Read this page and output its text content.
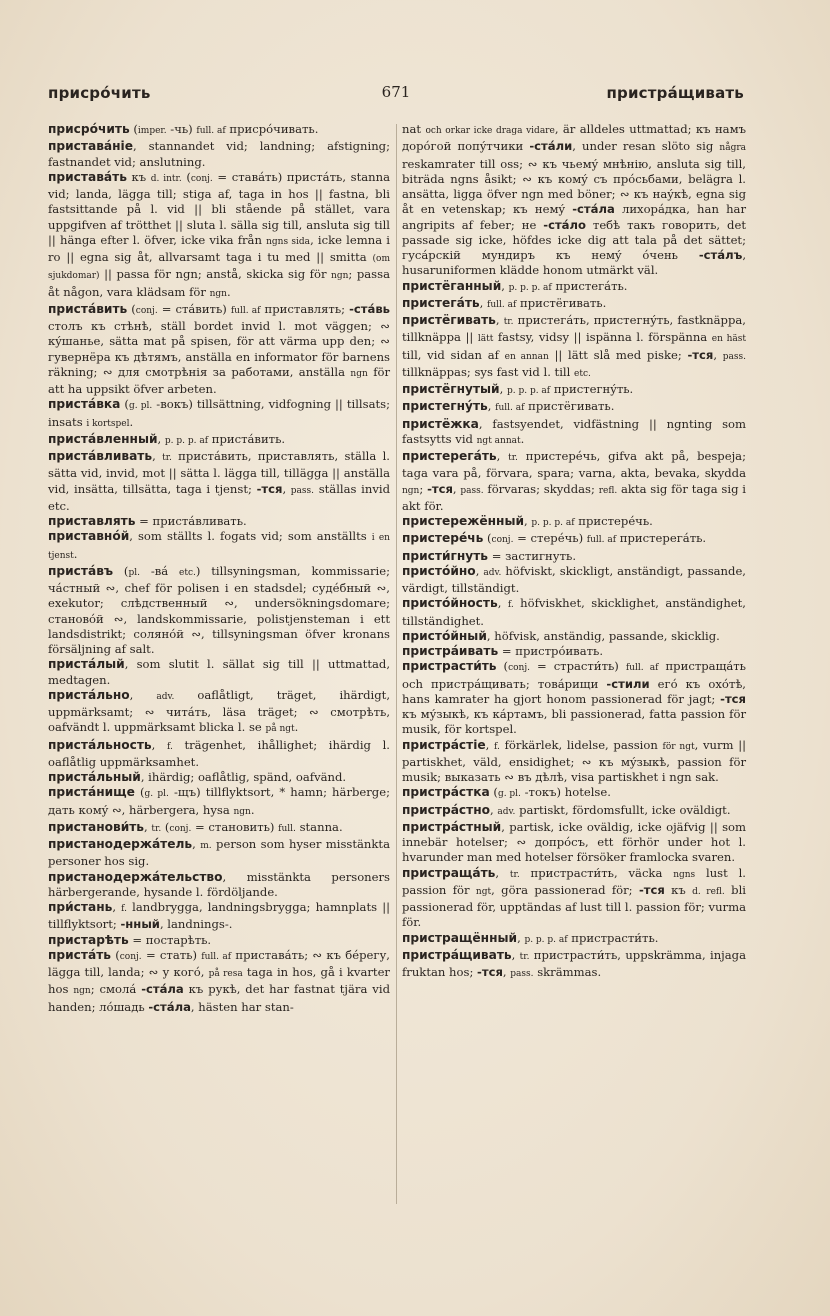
присрóчить	671	пристрáщивать

присрóчить (imper. -чь) full. af присрóчивать.

приставáніе, stannandet vid; landning; afstigning; fastnandet vid; anslutning.

приставáть къ d. intr. (conj. = ставáть) пристáть, stanna vid; landa, lägga till; stiga af, taga in hos || fastna, bli fastsittande på l. vid || bli stående på stället, vara uppgifven af trötthet || sluta l. sälla sig till, ansluta sig till || hänga efter l. öfver, icke vika från ngns sida, icke lemna i ro || egna sig åt, allvarsamt taga i tu med || smitta (om sjukdomar) || passa för ngn; anstå, skicka sig för ngn; passa åt någon, vara klädsam för ngn.

пристáвить (conj. = стáвить) full. af приставлять; -стáвь столъ къ стѣнѣ, ställ bordet invid l. mot väggen; ∾ кýшанье, sätta mat på spisen, för att värma upp den; ∾ гувернёра къ дѣтямъ, anställa en informator för barnens räkning; ∾ для смотрѣнія за работами, anställa ngn för att ha uppsikt öfver arbeten.

пристáвка (g. pl. -вокъ) tillsättning, vidfogning || tillsats; insats i kortspel.

пристáвленный, p. p. p. af пристáвить.

пристáвливать, tr. пристáвить, приставлять, ställa l. sätta vid, invid, mot || sätta l. lägga till, tillägga || anställa vid, insätta, tillsätta, taga i tjenst; -тся, pass. ställas invid etc.

приставлять = пристáвливать.

приставнóй, som ställts l. fogats vid; som anställts i en tjenst.

пристáвъ (pl. -вá etc.) tillsyningsman, kommissarie; чáстный ∾, chef för polisen i en stadsdel; судéбный ∾, exekutor; слѣдственный ∾, undersökningsdomare; становóй ∾, landskommissarie, polistjensteman i ett landsdistrikt; солянóй ∾, tillsyningsman öfver kronans försäljning af salt.

пристáлый, som slutit l. sällat sig till || uttmattad, medtagen.

пристáльно, adv. oaflåtligt, träget, ihärdigt, uppmärksamt; ∾ читáть, läsa träget; ∾ смотрѣть, oafvändt l. uppmärksamt blicka l. se på ngt.

пристáльность, f. trägenhet, ihållighet; ihärdig l. oaflåtlig uppmärksamhet.

пристáльный, ihärdig; oaflåtlig, spänd, oafvänd.

пристáнище (g. pl. -щъ) tillflyktsort, * hamn; härberge; дать комý ∾, härbergera, hysa ngn.

пристанови́ть, tr. (conj. = становить) full. stanna.

пристанодержáтель, m. person som hyser misstänkta personer hos sig.

пристанодержáтельство, misstänkta personers härbergerande, hysande l. fördöljande.

при́стань, f. landbrygga, landningsbrygga; hamnplats || tillflyktsort; -нный, landnings-.

пристарѣть = постарѣть.

пристáть (conj. = стать) full. af приставáть; ∾ къ бéрегу, lägga till, landa; ∾ у когó, på resa taga in hos, gå i kvarter hos ngn; смолá -стáла къ рукѣ, det har fastnat tjära vid handen; лóшадь -стáла, hästen har stan-

nat och orkar icke draga vidare, är alldeles uttmattad; къ намъ дорóгой попýтчики -стáли, under resan slöto sig några reskamrater till oss; ∾ къ чьемý мнѣнію, ansluta sig till, biträda ngns åsikt; ∾ къ комý съ прóсьбами, belägra l. ansätta, ligga öfver ngn med böner; ∾ къ наýкѣ, egna sig åt en vetenskap; къ немý -стáла лихорáдка, han har angripits af feber; не -стáло тебѣ такъ говорить, det passade sig icke, höfdes icke dig att tala på det sättet; гусáрскій мундиръ къ немý óчень -стáлъ, husaruniformen klädde honom utmärkt väl.

пристёганный, p. p. p. af пристегáть.

пристегáть, full. af пристёгивать.

пристёгивать, tr. пристегáть, пристегнýть, fastknäppa, tillknäppa || lätt fastsy, vidsy || ispänna l. förspänna en häst till, vid sidan af en annan || lätt slå med piske; -тся, pass. tillknäppas; sys fast vid l. till etc.

пристёгнутый, p. p. p. af пристегнýть.

пристегнýть, full. af пристёгивать.

пристёжка, fastsyendet, vidfästning || ngnting som fastsytts vid ngt annat.

пристерегáть, tr. пристерéчь, gifva akt på, bespeja; taga vara på, förvara, spara; varna, akta, bevaka, skydda ngn; -тся, pass. förvaras; skyddas; refl. akta sig för taga sig i akt för.

пристережённый, p. p. p. af пристерéчь.

пристерéчь (conj. = стерéчь) full. af пристерегáть.

присти́гнуть = застигнуть.

пристóйно, adv. höfviskt, skickligt, anständigt, passande, värdigt, tillständigt.

пристóйность, f. höfviskhet, skicklighet, anständighet, tillständighet.

пристóйный, höfvisk, anständig, passande, skicklig.

пристрáивать = пристрóивать.

пристрасти́ть (conj. = страсти́ть) full. af пристращáть och пристрáщивать; товáрищи -стили егó къ охóтѣ, hans kamrater ha gjort honom passionerad för jagt; -тся къ мýзыкѣ, къ кáртамъ, bli passionerad, fatta passion för musik, för kortspel.

пристрáстіе, f. förkärlek, lidelse, passion för ngt, vurm || partiskhet, väld, ensidighet; ∾ къ мýзыкѣ, passion för musik; выказать ∾ въ дѣлѣ, visa partiskhet i ngn sak.

пристрáстка (g. pl. -токъ) hotelse.

пристрáстно, adv. partiskt, fördomsfullt, icke oväldigt.

пристрáстный, partisk, icke oväldig, icke ojäfvig || som innebär hotelser; ∾ допрóсъ, ett förhör under hot l. hvarunder man med hotelser försöker framlocka svaren.

пристращáть, tr. пристрасти́ть, väcka ngns lust l. passion för ngt, göra passionerad för; -тся къ d. refl. bli passionerad för, upptändas af lust till l. passion för; vurma för.

пристращённый, p. p. p. af пристрасти́ть.

пристрáщивать, tr. пристрасти́ть, uppskrämma, injaga fruktan hos; -тся, pass. skrämmas.
